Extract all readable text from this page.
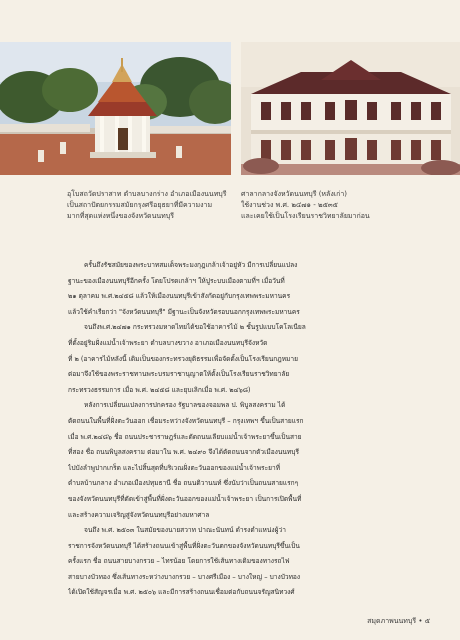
อุโบสถวัดปราสาท ตำบลบางกร่าง อำเภอเมืองนนทบุรี
เป็นสถาปัตยกรรมสมัยกรุงศรีอยุธยาที่มีความงาม
มากที่สุดแห่งหนึ่งของจังหวัดนนทบุรี
ศาลากลางจังหวัดนนทบุรี (หลังเก่า)
ใช้งานช่วง พ.ศ. ๒๔๗๑ - ๒๕๓๕
และเคยใช้เป็นโรงเรียนราชวิทยาลัยมาก่อน
ครั้นถึงรัชสมัยของพระบาทสมเด็จพระมงกุฎเกล้าเจ้าอยู่หัว มีการเปลี่ยนแปลง
ฐานะของเมืองนนทบุรีอีกครั้ง โดยโปรดเกล้าฯ ให้ปูระบบเมืองตามที่ฯ เมื่อวันที่
๒๑ ตุลาคม พ.ศ.๒๔๕๘ แล้วให้เมืองนนทบุรีเข้าสังกัดอยู่กับกรุงเทพพระมหานคร
แล้วใช้คำเรียกว่า "จังหวัดนนทบุรี" มีฐานะเป็นจังหวัดรอบนอกกรุงเทพพระมหานคร
จนถึงพ.ศ.๒๔๗๑ กระทรวงมหาดไทยได้ขอใช้อาคารไม้ ๒ ชั้นรูปแบบโคโลเนียล
ที่ตั้งอยู่ริมฝั่งแม่น้ำเจ้าพระยา ตำบลบางขวาง อาเภอเมืองนนทบุรีจังหวัด
ที่ ๒ (อาคารไม้หลังนี้ เดิมเป็นของกระทรวงยุติธรรมเพื่อจัดตั้งเป็นโรงเรียนกฎหมาย
ต่อมาจึงใช้ของพระราชทานพระบรมราชานุญาตให้ตั้งเป็นโรงเรียนราชวิทยาลัย
กระทรวงธรรมการ เมื่อ พ.ศ. ๒๔๕๘ และยุบเลิกเมื่อ พ.ศ. ๒๔๖๘)
หลังการเปลี่ยนแปลงการปกครอง รัฐบาลของจอมพล ป. พิบูลสงคราม ได้
ตัดถนนในพื้นที่ฝั่งตะวันออก เชื่อมระหว่างจังหวัดนนทบุรี – กรุงเทพฯ ขึ้นเป็นสายแรก
เมื่อ พ.ศ.๒๔๘๖ ชื่อ ถนนประชาราษฎร์และตัดถนนเลียบแม่น้ำเจ้าพระยาขึ้นเป็นสาย
ที่สอง ชื่อ ถนนพิบูลสงคราม ต่อมาใน พ.ศ. ๒๔๙๐ จึงได้ตัดถนนจากตัวเมืองนนทบุรี
ไปบังลำพูปากเกร็ด และไปสิ้นสุดที่บริเวณฝั่งตะวันออกของแม่น้ำเจ้าพระยาที่
ตำบลบ้านกลาง อำเภอเมืองปทุมธานี ชื่อ ถนนติวานนท์ ซึ่งนับว่าเป็นถนนสายแรกๆ
ของจังหวัดนนทบุรีที่ตัดเข้าสู่พื้นที่ฝั่งตะวันออกของแม่น้ำเจ้าพระยา เป็นการเปิดพื้นที่
และสร้างความเจริญสู่จังหวัดนนทบุรีอย่างมหาศาล
จนถึง พ.ศ. ๒๕๐๓ ในสมัยของนายสวาท ปาณะนันทน์ ดำรงตำแหน่งผู้ว่า
ราชการจังหวัดนนทบุรี ได้สร้างถนนเข้าสู่พื้นที่ฝั่งตะวันตกของจังหวัดนนทบุรีขึ้นเป็น
ครั้งแรก ชื่อ ถนนสายบางกรวย – ไทรน้อย โดยการใช้เส้นทางเดิมของทางรถไฟ
สายบางบัวทอง ซึ่งเส้นทางระหว่างบางกรวย – บางศรีเมือง – บางใหญ่ – บางบัวทอง
ได้เปิดใช้สัญจรเมื่อ พ.ศ. ๒๕๐๖ และมีการสร้างถนนเชื่อมต่อกับถนนจรัญสนิทวงศ์
สมุดภาพนนทบุรี • ๕
